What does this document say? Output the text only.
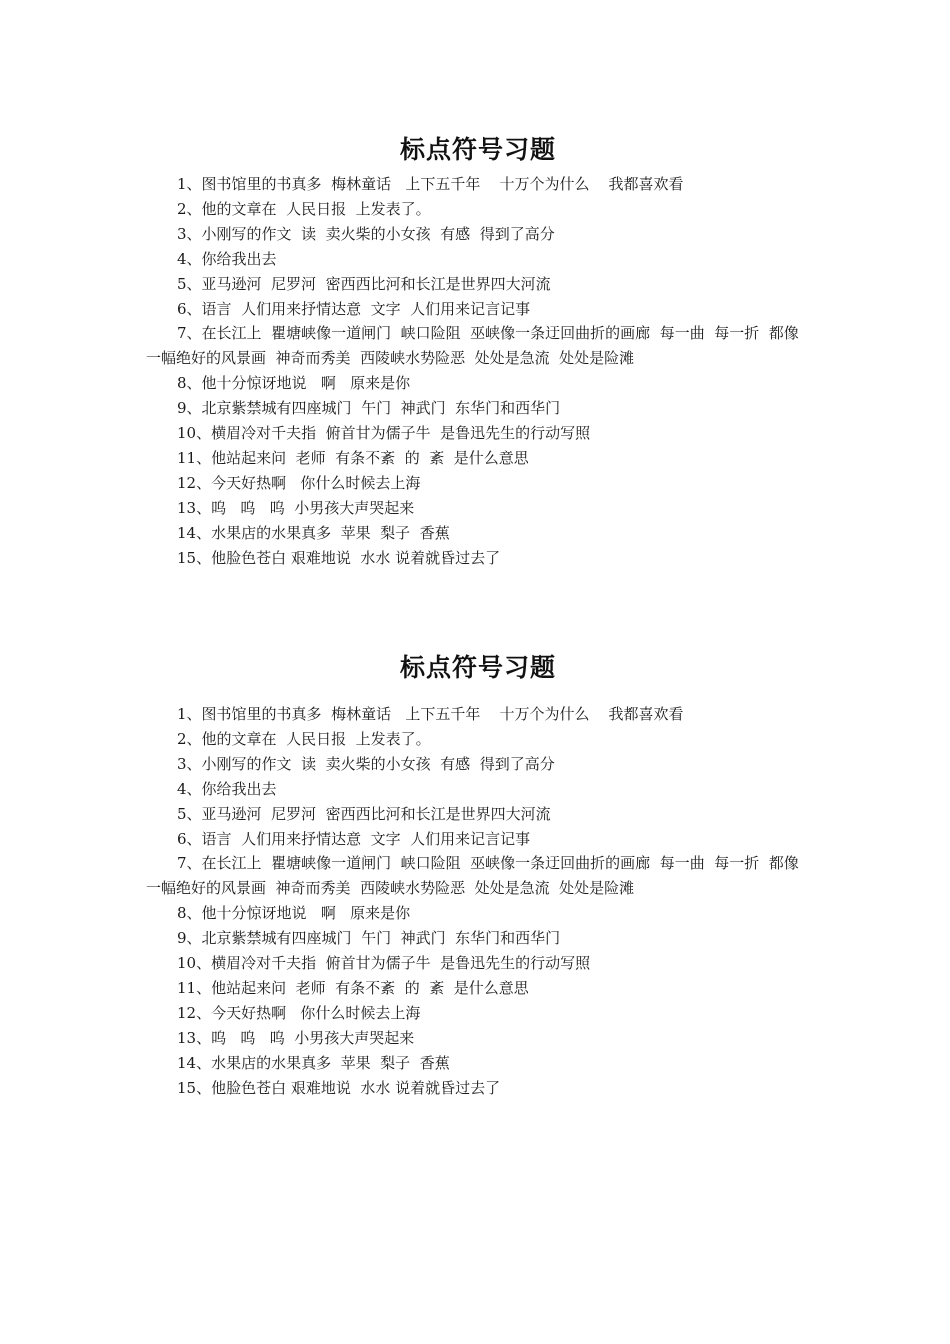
标点符号习题
1、图书馆里的书真多  梅林童话   上下五千年    十万个为什么    我都喜欢看
2、他的文章在  人民日报  上发表了。
3、小刚写的作文  读  卖火柴的小女孩  有感  得到了高分
4、你给我出去
5、亚马逊河  尼罗河  密西西比河和长江是世界四大河流
6、语言  人们用来抒情达意  文字  人们用来记言记事
7、在长江上  瞿塘峡像一道闸门  峡口险阻  巫峡像一条迂回曲折的画廊  每一曲  每一折  都像一幅绝好的风景画  神奇而秀美  西陵峡水势险恶  处处是急流  处处是险滩
8、他十分惊讶地说   啊   原来是你
9、北京紫禁城有四座城门  午门  神武门  东华门和西华门
10、横眉冷对千夫指  俯首甘为儒子牛  是鲁迅先生的行动写照
11、他站起来问  老师  有条不紊  的  紊  是什么意思
12、今天好热啊   你什么时候去上海
13、呜   呜   呜  小男孩大声哭起来
14、水果店的水果真多  苹果  梨子  香蕉
15、他脸色苍白 艰难地说  水水 说着就昏过去了
标点符号习题
1、图书馆里的书真多  梅林童话   上下五千年    十万个为什么    我都喜欢看
2、他的文章在  人民日报  上发表了。
3、小刚写的作文  读  卖火柴的小女孩  有感  得到了高分
4、你给我出去
5、亚马逊河  尼罗河  密西西比河和长江是世界四大河流
6、语言  人们用来抒情达意  文字  人们用来记言记事
7、在长江上  瞿塘峡像一道闸门  峡口险阻  巫峡像一条迂回曲折的画廊  每一曲  每一折  都像一幅绝好的风景画  神奇而秀美  西陵峡水势险恶  处处是急流  处处是险滩
8、他十分惊讶地说   啊   原来是你
9、北京紫禁城有四座城门  午门  神武门  东华门和西华门
10、横眉冷对千夫指  俯首甘为儒子牛  是鲁迅先生的行动写照
11、他站起来问  老师  有条不紊  的  紊  是什么意思
12、今天好热啊   你什么时候去上海
13、呜   呜   呜  小男孩大声哭起来
14、水果店的水果真多  苹果  梨子  香蕉
15、他脸色苍白 艰难地说  水水 说着就昏过去了
